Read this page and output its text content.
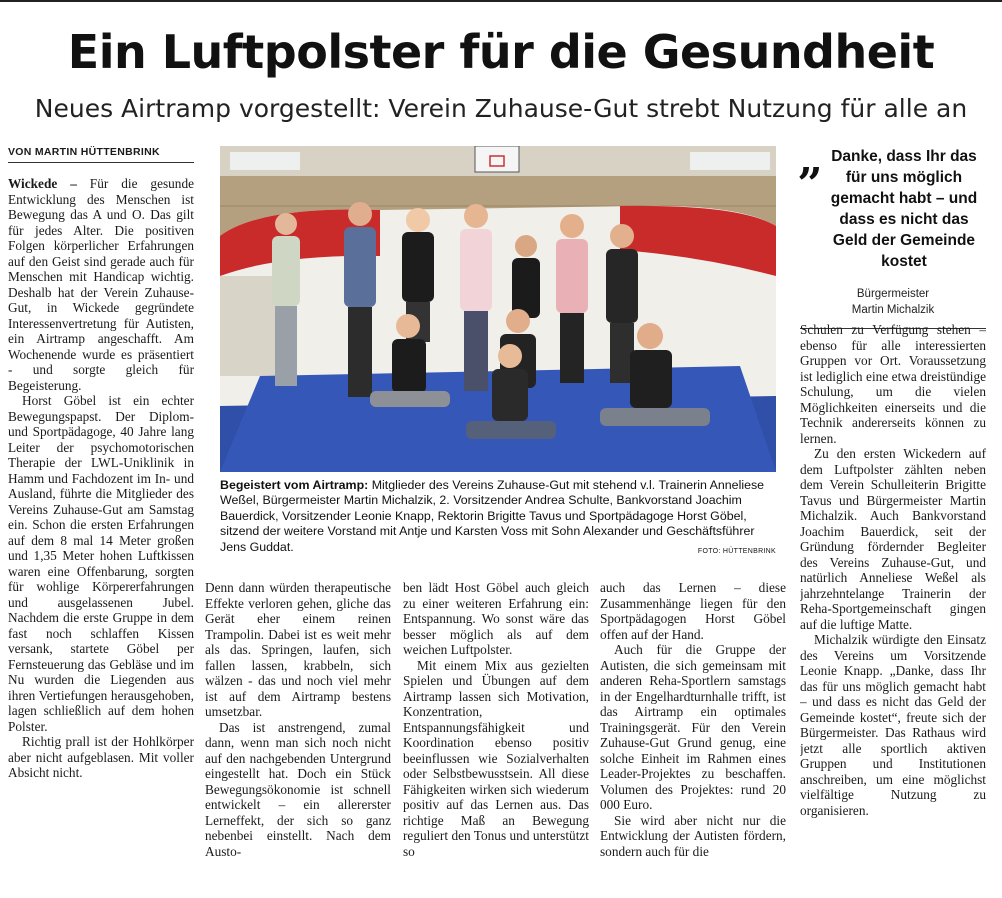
Ein Luftpolster für die Gesundheit
Neues Airtramp vorgestellt: Verein Zuhause-Gut strebt Nutzung für alle an
VON MARTIN HÜTTENBRINK

Wickede – Für die gesunde Entwicklung des Menschen ist Bewegung das A und O. Das gilt für jedes Alter. Die positiven Folgen körperlicher Erfahrungen auf den Geist sind gerade auch für Menschen mit Handicap wichtig. Deshalb hat der Verein Zuhause-Gut, in Wickede gegründete Interessenvertretung für Autisten, ein Airtramp angeschafft. Am Wochenende wurde es präsentiert - und sorgte gleich für Begeisterung.

Horst Göbel ist ein echter Bewegungspapst. Der Diplom- und Sportpädagoge, 40 Jahre lang Leiter der psychomotorischen Therapie der LWL-Uniklinik in Hamm und Fachdozent im In- und Ausland, führte die Mitglieder des Vereins Zuhause-Gut am Samstag ein. Schon die ersten Erfahrungen auf dem 8 mal 14 Meter großen und 1,35 Meter hohen Luftkissen waren eine Offenbarung, sorgten für wohlige Körpererfahrungen und ausgelassenen Jubel. Nachdem die erste Gruppe in dem fast noch schlaffen Kissen versank, startete Göbel per Fernsteuerung das Gebläse und im Nu wurden die Liegenden aus ihren Vertiefungen herausgehoben, lagen schließlich auf dem hohen Polster.

Richtig prall ist der Hohlkörper aber nicht aufgeblasen. Mit voller Absicht nicht.

Begeistert vom Airtramp: Mitglieder des Vereins Zuhause-Gut mit stehend v.l. Trainerin Anneliese Weßel, Bürgermeister Martin Michalzik, 2. Vorsitzender Andrea Schulte, Bankvorstand Joachim Bauerdick, Vorsitzender Leonie Knapp, Rektorin Brigitte Tavus und Sportpädagoge Horst Göbel, sitzend der weitere Vorstand mit Antje und Karsten Voss mit Sohn Alexander und Geschäftsführer Jens Guddat.	FOTO: HÜTTENBRINK

Denn dann würden therapeutische Effekte verloren gehen, gliche das Gerät eher einem reinen Trampolin. Dabei ist es weit mehr als das. Springen, laufen, sich fallen lassen, krabbeln, sich wälzen - das und noch viel mehr ist auf dem Airtramp bestens umsetzbar.

Das ist anstrengend, zumal dann, wenn man sich noch nicht auf den nachgebenden Untergrund eingestellt hat. Doch ein Stück Bewegungsökonomie ist schnell entwickelt – ein allererster Lerneffekt, der sich so ganz nebenbei einstellt. Nach dem Austo-

ben lädt Host Göbel auch gleich zu einer weiteren Erfahrung ein: Entspannung. Wo sonst wäre das besser möglich als auf dem weichen Luftpolster.

Mit einem Mix aus gezielten Spielen und Übungen auf dem Airtramp lassen sich Motivation, Konzentration, Entspannungsfähigkeit und Koordination ebenso positiv beeinflussen wie Sozialverhalten oder Selbstbewusstsein. All diese Fähigkeiten wirken sich wiederum positiv auf das Lernen aus. Das richtige Maß an Bewegung reguliert den Tonus und unterstützt so

auch das Lernen – diese Zusammenhänge liegen für den Sportpädagogen Horst Göbel offen auf der Hand.

Auch für die Gruppe der Autisten, die sich gemeinsam mit anderen Reha-Sportlern samstags in der Engelhardturnhalle trifft, ist das Airtramp ein optimales Trainingsgerät. Für den Verein Zuhause-Gut Grund genug, eine solche Einheit im Rahmen eines Leader-Projektes zu beschaffen. Volumen des Projektes: rund 20 000 Euro.

Sie wird aber nicht nur die Entwicklung der Autisten fördern, sondern auch für die

„ Danke, dass Ihr das für uns möglich gemacht habt – und dass es nicht das Geld der Gemeinde kostet
Bürgermeister
Martin Michalzik

Schulen zu Verfügung stehen – ebenso für alle interessierten Gruppen vor Ort. Voraussetzung ist lediglich eine etwa dreistündige Schulung, um die vielen Möglichkeiten einerseits und die Technik andererseits können zu lernen.

Zu den ersten Wickedern auf dem Luftpolster zählten neben dem Verein Schulleiterin Brigitte Tavus und Bürgermeister Martin Michalzik. Auch Bankvorstand Joachim Bauerdick, seit der Gründung fördernder Begleiter des Vereins Zuhause-Gut, und natürlich Anneliese Weßel als jahrzehntelange Trainerin der Reha-Sportgemeinschaft gingen auf die luftige Matte.

Michalzik würdigte den Einsatz des Vereins um Vorsitzende Leonie Knapp. „Danke, dass Ihr das für uns möglich gemacht habt – und dass es nicht das Geld der Gemeinde kostet“, freute sich der Bürgermeister. Das Rathaus wird jetzt alle sportlich aktiven Gruppen und Institutionen anschreiben, um eine möglichst vielfältige Nutzung zu organisieren.
